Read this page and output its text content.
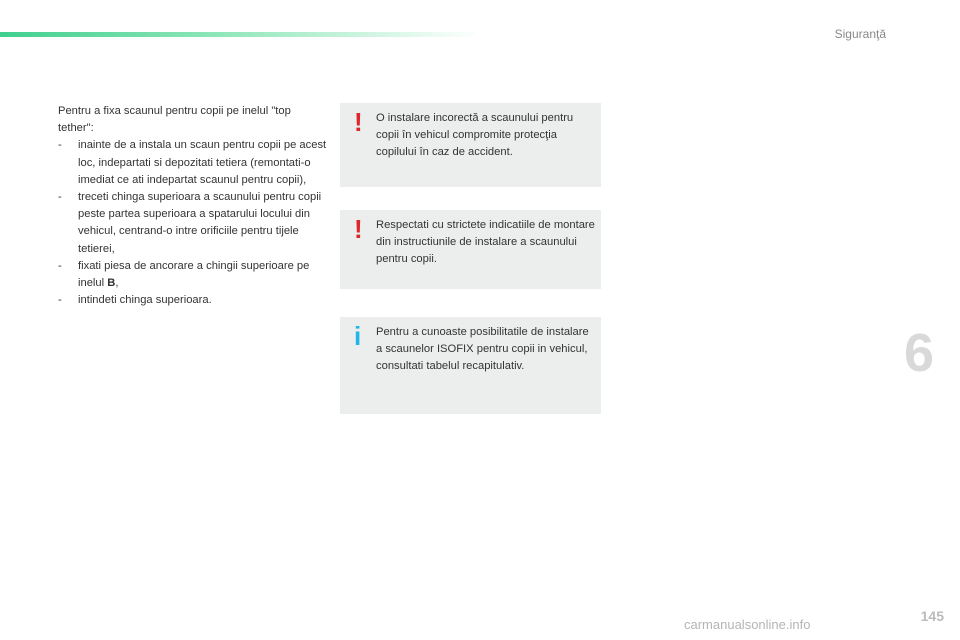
Siguranţă

Pentru a fixa scaunul pentru copii pe inelul "top tether":

- inainte de a instala un scaun pentru copii pe acest loc, indepartati si depozitati tetiera (remontati-o imediat ce ati indepartat scaunul pentru copii),
- treceti chinga superioara a scaunului pentru copii peste partea superioara a spatarului locului din vehicul, centrand-o intre orificiile pentru tijele tetierei,
- fixati piesa de ancorare a chingii superioare pe inelul B,
- intindeti chinga superioara.
! O instalare incorectă a scaunului pentru copii în vehicul compromite protecţia copilului în caz de accident.
! Respectati cu strictete indicatiile de montare din instructiunile de instalare a scaunului pentru copii.
i Pentru a cunoaste posibilitatile de instalare a scaunelor ISOFIX pentru copii in vehicul, consultati tabelul recapitulativ.	6
145
carmanualsonline.info
